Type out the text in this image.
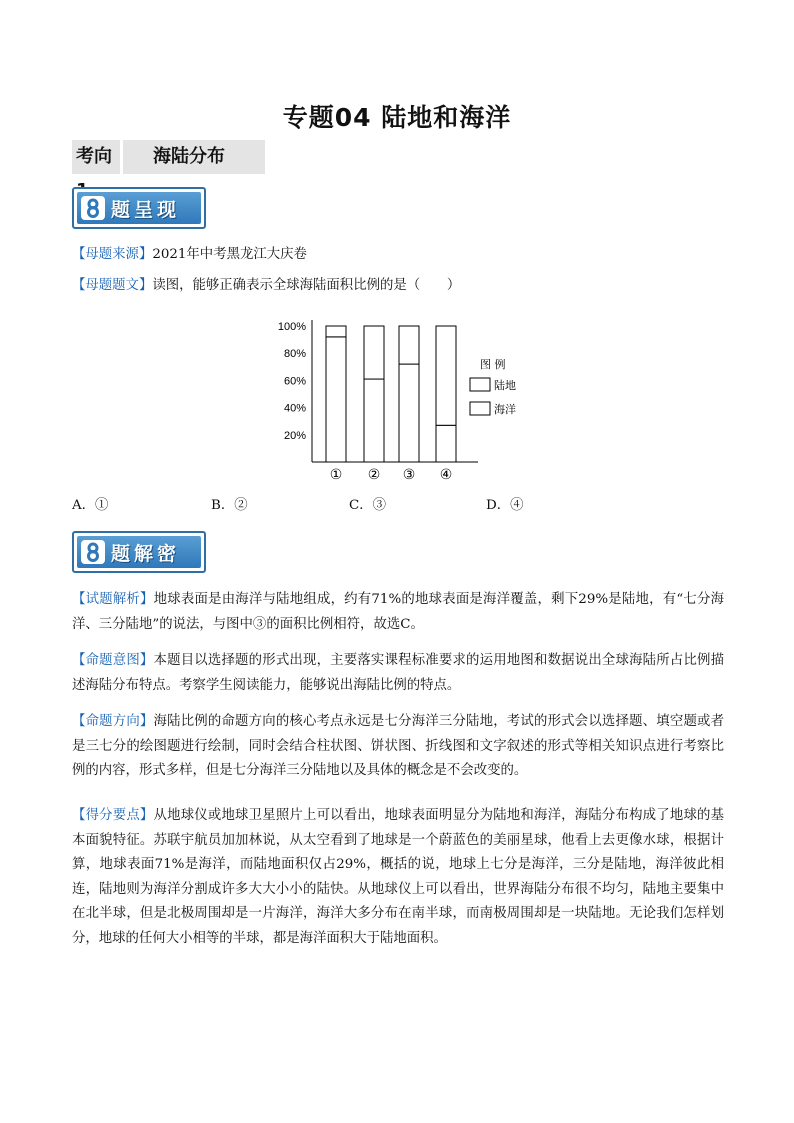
专题04 陆地和海洋
考向	海陆分布
题呈现
【母题来源】2021年中考黑龙江大庆卷
【母题题文】读图，能够正确表示全球海陆面积比例的是（　　）
20%
40%
60%
80%
100%
① ② ③ ④
图 例
陆地
海洋
A．①	B．②	C．③	D．④
题解密
【试题解析】地球表面是由海洋与陆地组成，约有71%的地球表面是海洋覆盖，剩下29%是陆地，有“七分海洋、三分陆地”的说法，与图中③的面积比例相符，故选C。
【命题意图】本题目以选择题的形式出现，主要落实课程标准要求的运用地图和数据说出全球海陆所占比例描述海陆分布特点。考察学生阅读能力，能够说出海陆比例的特点。
【命题方向】海陆比例的命题方向的核心考点永远是七分海洋三分陆地，考试的形式会以选择题、填空题或者是三七分的绘图题进行绘制，同时会结合柱状图、饼状图、折线图和文字叙述的形式等相关知识点进行考察比例的内容，形式多样，但是七分海洋三分陆地以及具体的概念是不会改变的。
【得分要点】从地球仪或地球卫星照片上可以看出，地球表面明显分为陆地和海洋，海陆分布构成了地球的基本面貌特征。苏联宇航员加加林说，从太空看到了地球是一个蔚蓝色的美丽星球，他看上去更像水球，根据计算，地球表面71%是海洋，而陆地面积仅占29%，概括的说，地球上七分是海洋，三分是陆地，海洋彼此相连，陆地则为海洋分割成许多大大小小的陆快。从地球仪上可以看出，世界海陆分布很不均匀，陆地主要集中在北半球，但是北极周围却是一片海洋，海洋大多分布在南半球，而南极周围却是一块陆地。无论我们怎样划分，地球的任何大小相等的半球，都是海洋面积大于陆地面积。
